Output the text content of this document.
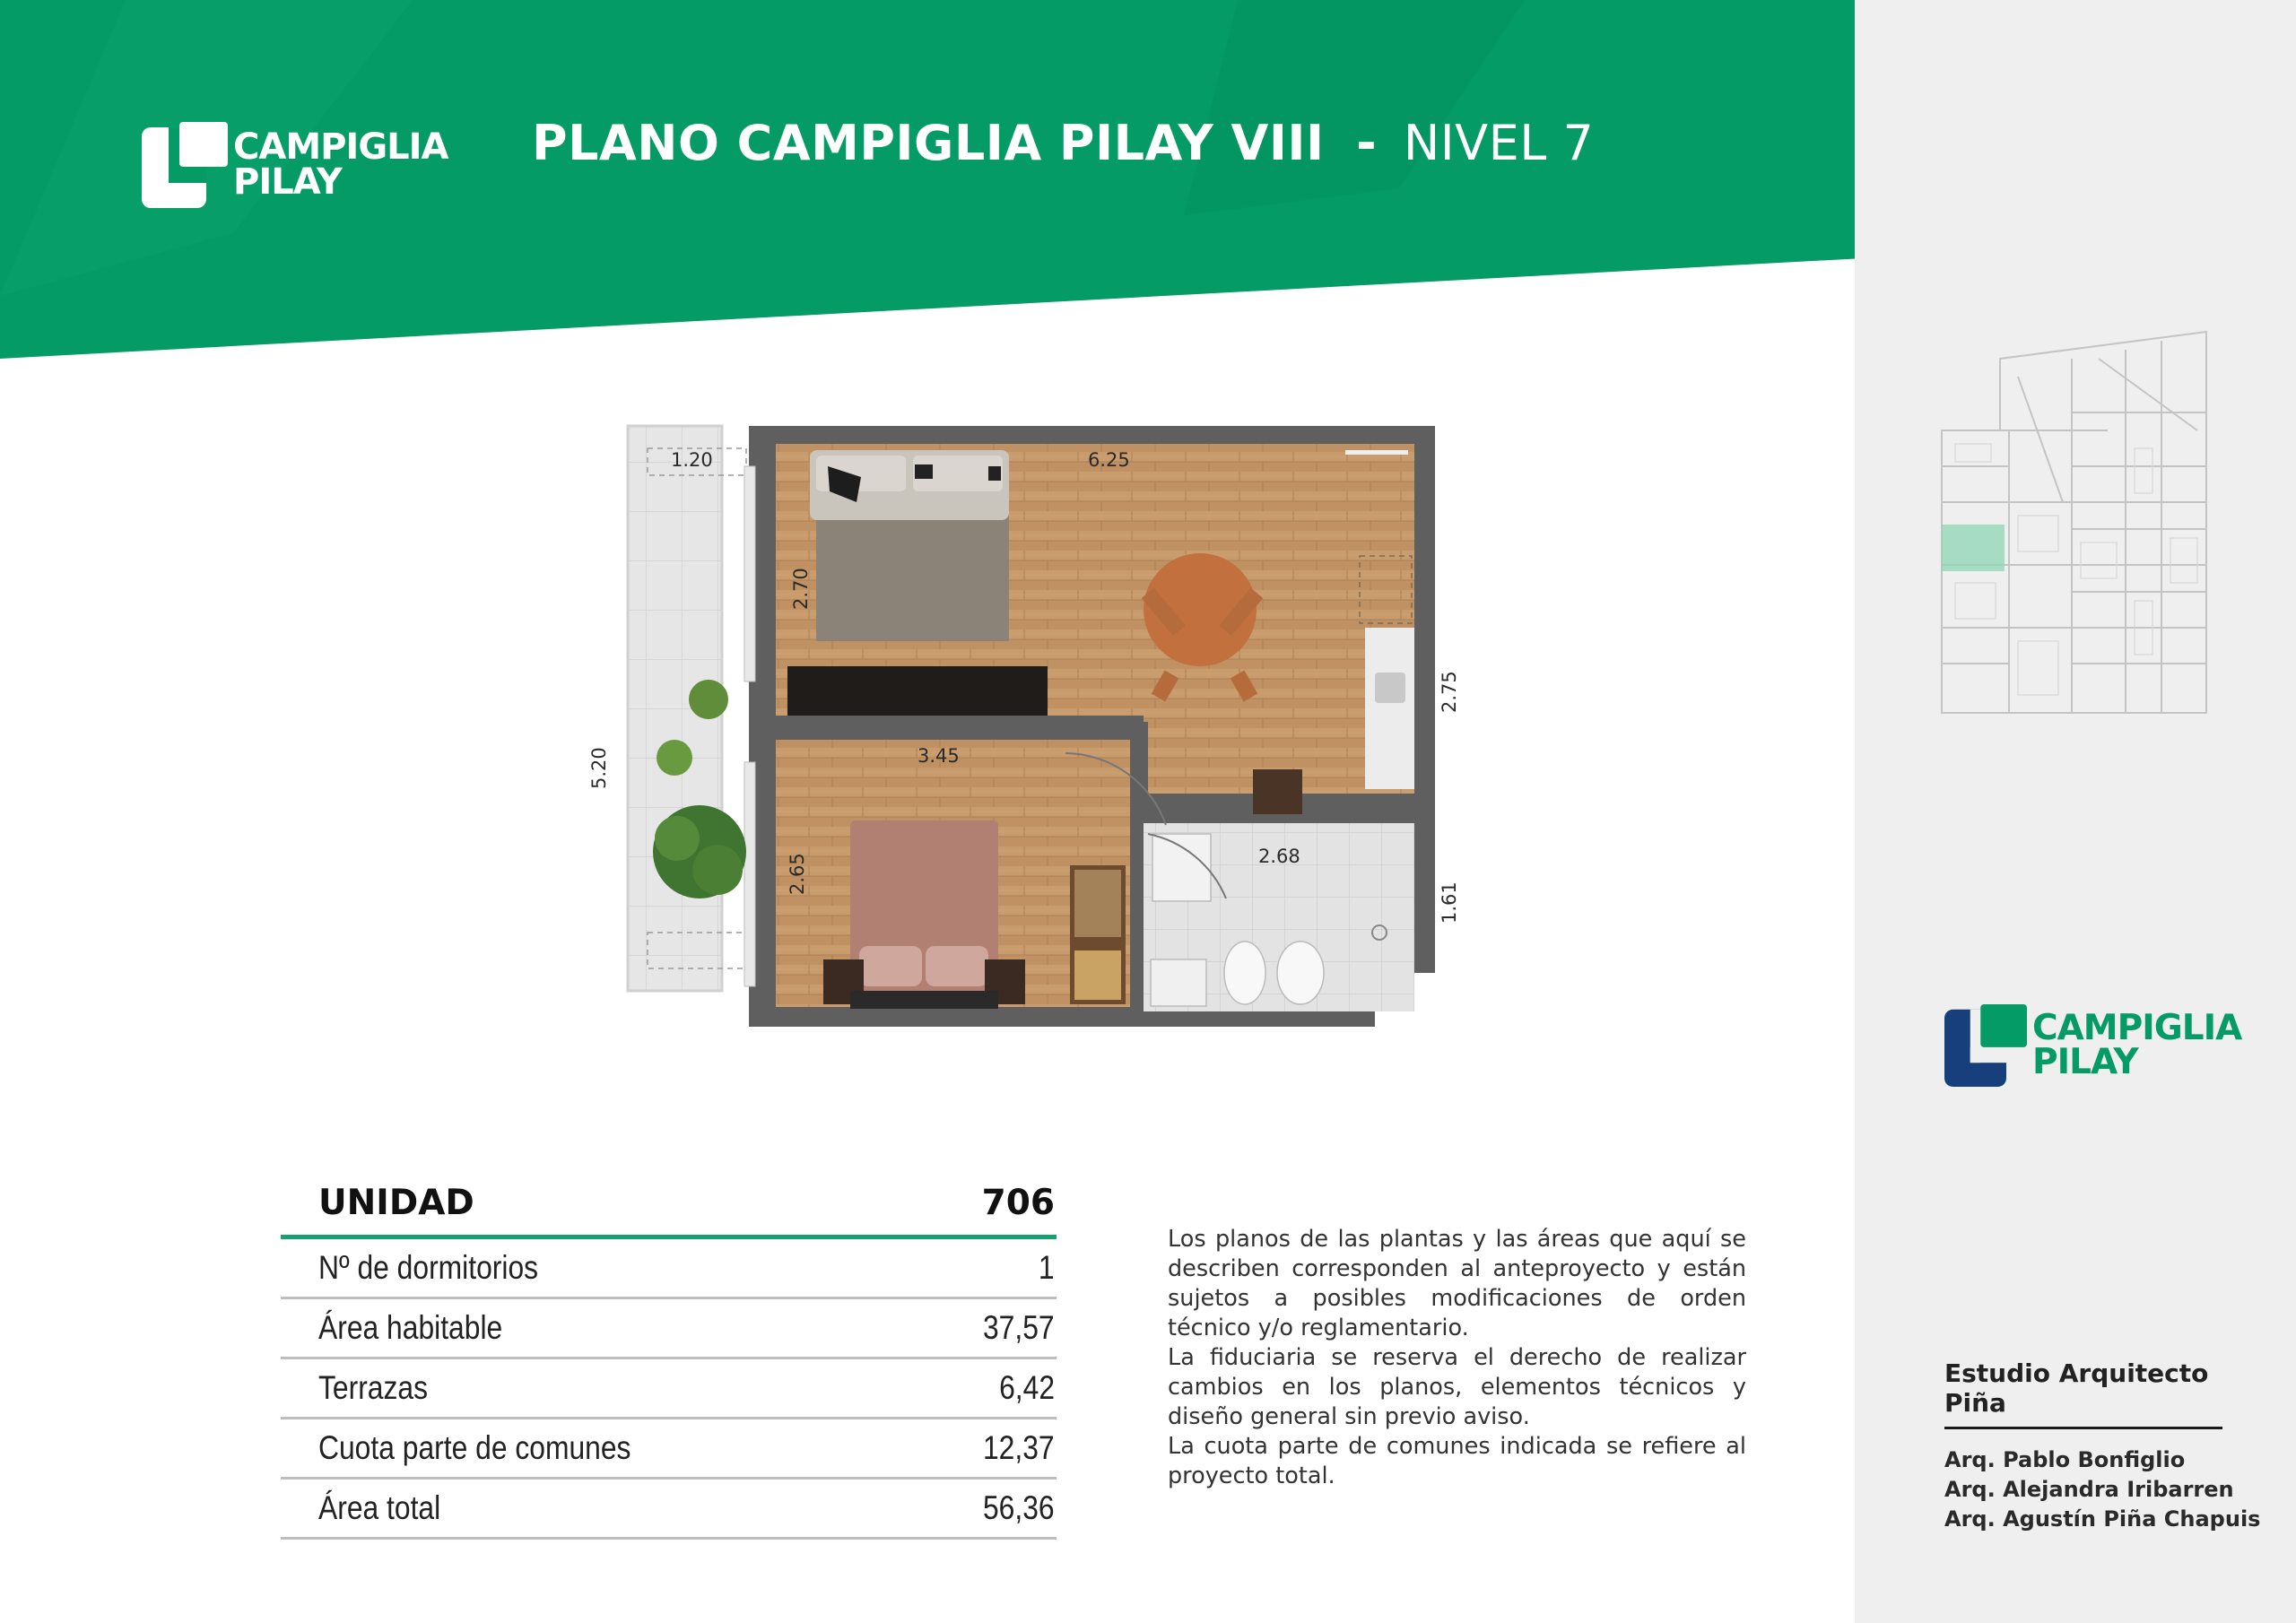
CAMPIGLIA
PILAY
PLANO CAMPIGLIA PILAY VIII - NIVEL 7
CAMPIGLIA
PILAY
1.20	6.25
2.70
2.75
3.45
2.65	2.68
1.61
5.20
UNIDAD	706
Nº de dormitorios	1
Área habitable	37,57
Terrazas	6,42
Cuota parte de comunes	12,37
Área total	56,36

Los planos de las plantas y las áreas que aquí se describen corresponden al anteproyecto y están sujetos a posibles modificaciones de orden técnico y/o reglamentario.

La fiduciaria se reserva el derecho de realizar cambios en los planos, elementos técnicos y diseño general sin previo aviso.

La cuota parte de comunes indicada se refiere al proyecto total.

Estudio Arquitecto Piña
Arq. Pablo Bonfiglio
Arq. Alejandra Iribarren
Arq. Agustín Piña Chapuis
